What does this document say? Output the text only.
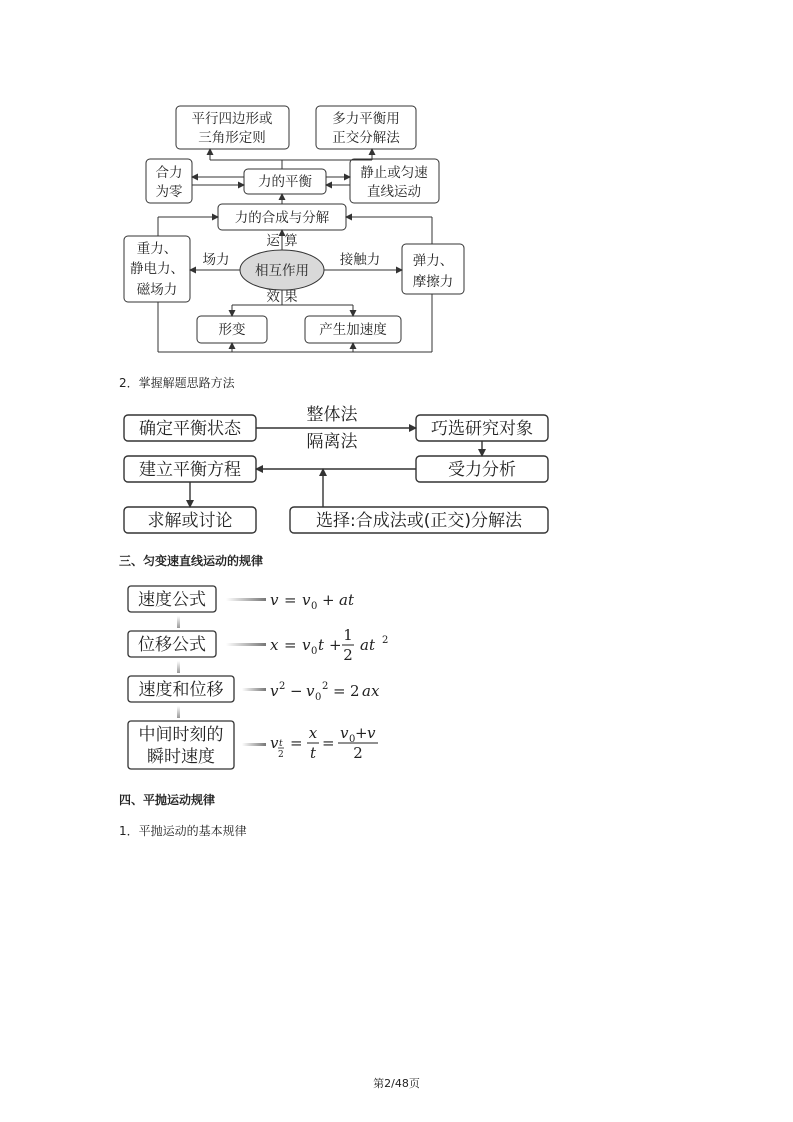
平行四边形或
三角形定则
多力平衡用
正交分解法
合力
为零
力的平衡
静止或匀速
直线运动
力的合成与分解
运 算
重力、
静电力、
磁场力
场力
相互作用
接触力 弹力、
摩擦力
效 果
形变	产生加速度
2．掌握解题思路方法
确定平衡状态
整体法
隔离法
巧选研究对象
建立平衡方程	受力分析
求解或讨论	选择:合成法或(正交)分解法
三、匀变速直线运动的规律
速度公式
位移公式
速度和位移
中间时刻的
瞬时速度
v = v 0 + at
x = v 0 t +
1
2
at 2
v 2 − v 0
2 = 2 ax
v t
2
=
x
t
=
v 0 + v
2
四、平抛运动规律
1．平抛运动的基本规律
第2/48页
